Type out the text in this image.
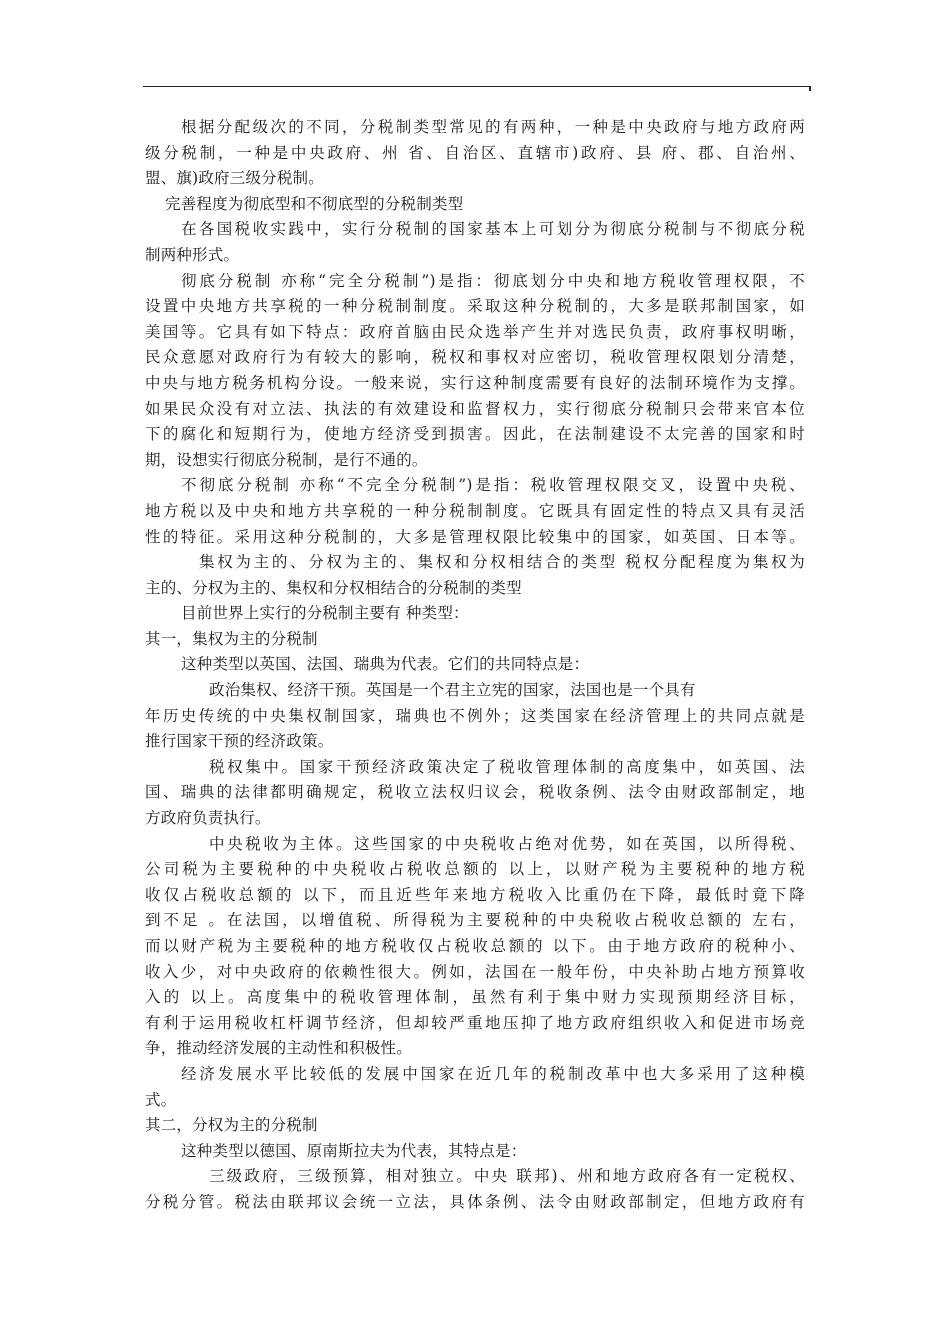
根据分配级次的不同，分税制类型常见的有两种，一种是中央政府与地方政府两
级分税制，一种是中央政府、州 省、自治区、直辖市)政府、县 府、郡、自治州、
盟、旗)政府三级分税制。
完善程度为彻底型和不彻底型的分税制类型
在各国税收实践中，实行分税制的国家基本上可划分为彻底分税制与不彻底分税
制两种形式。
彻底分税制 亦称“完全分税制”)是指：彻底划分中央和地方税收管理权限，不
设置中央地方共享税的一种分税制制度。采取这种分税制的，大多是联邦制国家，如
美国等。它具有如下特点：政府首脑由民众选举产生并对选民负责，政府事权明晰，
民众意愿对政府行为有较大的影响，税权和事权对应密切，税收管理权限划分清楚，
中央与地方税务机构分设。一般来说，实行这种制度需要有良好的法制环境作为支撑。
如果民众没有对立法、执法的有效建设和监督权力，实行彻底分税制只会带来官本位
下的腐化和短期行为，使地方经济受到损害。因此，在法制建设不太完善的国家和时
期，设想实行彻底分税制，是行不通的。
不彻底分税制 亦称“不完全分税制”)是指：税收管理权限交叉，设置中央税、
地方税以及中央和地方共享税的一种分税制制度。它既具有固定性的特点又具有灵活
性的特征。采用这种分税制的，大多是管理权限比较集中的国家，如英国、日本等。
集权为主的、分权为主的、集权和分权相结合的类型 税权分配程度为集权为
主的、分权为主的、集权和分权相结合的分税制的类型
目前世界上实行的分税制主要有 种类型：
其一，集权为主的分税制
这种类型以英国、法国、瑞典为代表。它们的共同特点是：
政治集权、经济干预。英国是一个君主立宪的国家，法国也是一个具有
年历史传统的中央集权制国家，瑞典也不例外；这类国家在经济管理上的共同点就是
推行国家干预的经济政策。
税权集中。国家干预经济政策决定了税收管理体制的高度集中，如英国、法
国、瑞典的法律都明确规定，税收立法权归议会，税收条例、法令由财政部制定，地
方政府负责执行。
中央税收为主体。这些国家的中央税收占绝对优势，如在英国，以所得税、
公司税为主要税种的中央税收占税收总额的 以上，以财产税为主要税种的地方税
收仅占税收总额的 以下，而且近些年来地方税收入比重仍在下降，最低时竟下降
到不足 。在法国，以增值税、所得税为主要税种的中央税收占税收总额的 左右，
而以财产税为主要税种的地方税收仅占税收总额的 以下。由于地方政府的税种小、
收入少，对中央政府的依赖性很大。例如，法国在一般年份，中央补助占地方预算收
入的 以上。高度集中的税收管理体制，虽然有利于集中财力实现预期经济目标，
有利于运用税收杠杆调节经济，但却较严重地压抑了地方政府组织收入和促进市场竞
争，推动经济发展的主动性和积极性。
经济发展水平比较低的发展中国家在近几年的税制改革中也大多采用了这种模
式。
其二，分权为主的分税制
这种类型以德国、原南斯拉夫为代表，其特点是：
三级政府，三级预算，相对独立。中央 联邦)、州和地方政府各有一定税权、
分税分管。税法由联邦议会统一立法，具体条例、法令由财政部制定，但地方政府有
